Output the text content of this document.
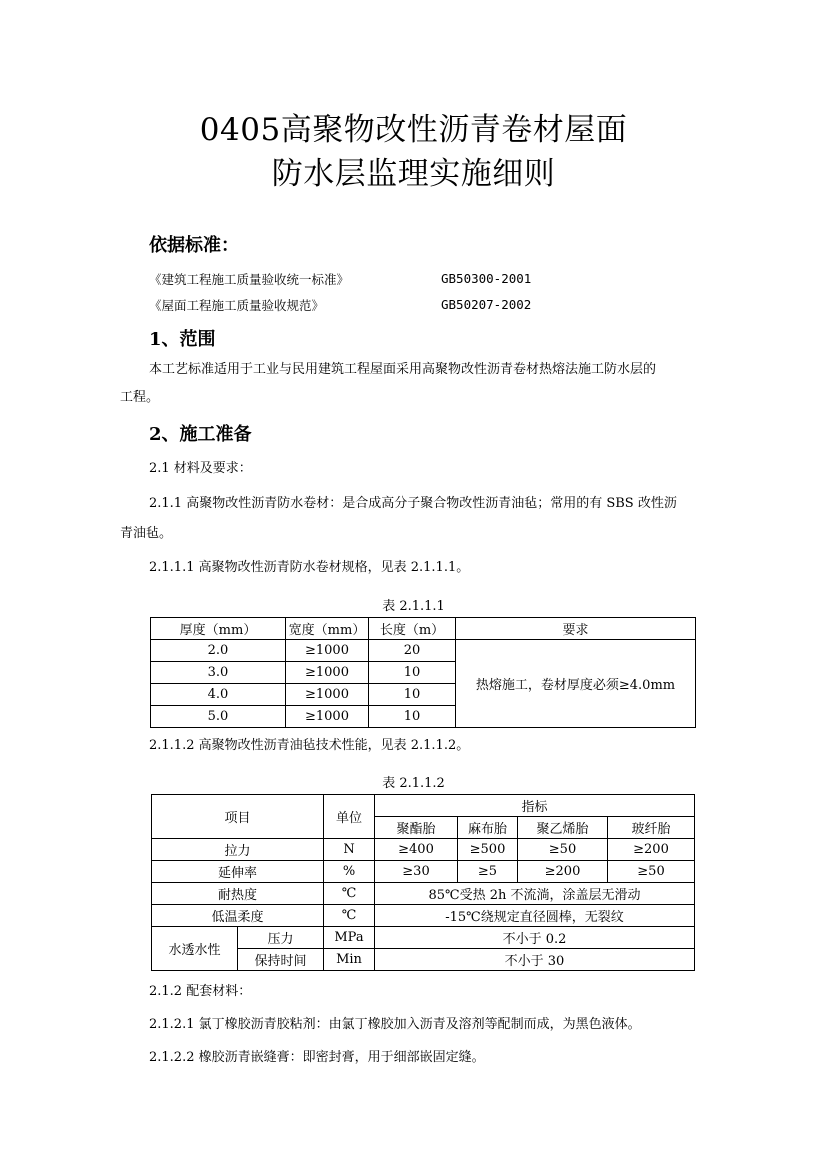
0405高聚物改性沥青卷材屋面
防水层监理实施细则
依据标准：
《建筑工程施工质量验收统一标准》	GB50300-2001
《屋面工程施工质量验收规范》	GB50207-2002
1、范围
本工艺标准适用于工业与民用建筑工程屋面采用高聚物改性沥青卷材热熔法施工防水层的
工程。
2、施工准备
2.1 材料及要求：
2.1.1 高聚物改性沥青防水卷材：是合成高分子聚合物改性沥青油毡；常用的有 SBS 改性沥
青油毡。
2.1.1.1 高聚物改性沥青防水卷材规格，见表 2.1.1.1。
表 2.1.1.1
厚度（mm）	宽度（mm）	长度（m）	要求
2.0	≥1000	20	热熔施工，卷材厚度必须≥4.0mm
3.0	≥1000	10	
4.0	≥1000	10	
5.0	≥1000	10	
2.1.1.2 高聚物改性沥青油毡技术性能，见表 2.1.1.2。
表 2.1.1.2
项目		单位	指标			
			聚酯胎	麻布胎	聚乙烯胎	玻纤胎
拉力		N	≥400	≥500	≥50	≥200
延伸率		%	≥30	≥5	≥200	≥50
耐热度		℃	85℃受热 2h 不流淌，涂盖层无滑动			
低温柔度		℃	-15℃绕规定直径圆棒，无裂纹			
水透水性	压力	MPa	不小于 0.2			
	保持时间	Min	不小于 30			
2.1.2 配套材料：
2.1.2.1 氯丁橡胶沥青胶粘剂：由氯丁橡胶加入沥青及溶剂等配制而成，为黑色液体。
2.1.2.2 橡胶沥青嵌缝膏：即密封膏，用于细部嵌固定缝。
